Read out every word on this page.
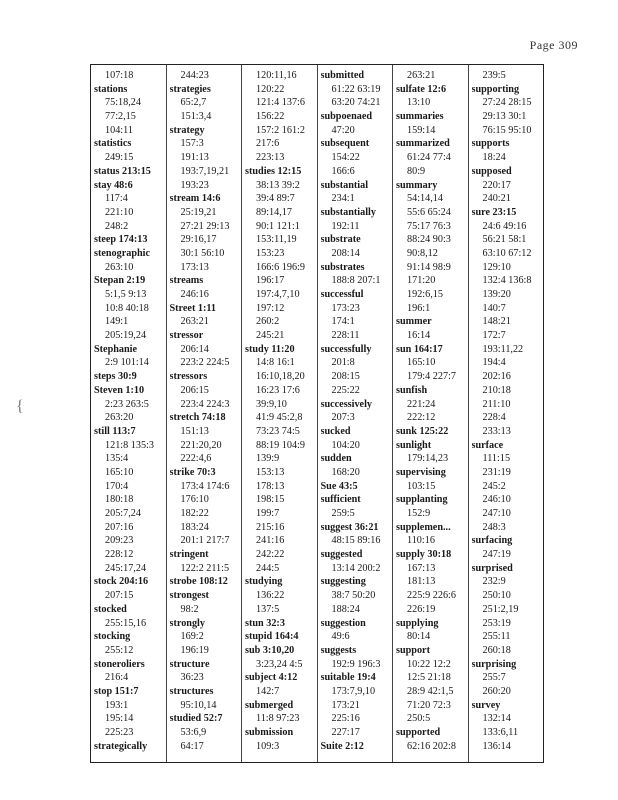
Page 309
{
107:18
stations
75:18,24
77:2,15
104:11
statistics
249:15
status 213:15
stay 48:6
117:4
221:10
248:2
steep 174:13
stenographic
263:10
Stepan 2:19
5:1,5 9:13
10:8 40:18
149:1
205:19,24
Stephanie
2:9 101:14
steps 30:9
Steven 1:10
2:23 263:5
263:20
still 113:7
121:8 135:3
135:4
165:10
170:4
180:18
205:7,24
207:16
209:23
228:12
245:17,24
stock 204:16
207:15
stocked
255:15,16
stocking
255:12
stoneroliers
216:4
stop 151:7
193:1
195:14
225:23
strategically
244:23
strategies
65:2,7
151:3,4
strategy
157:3
191:13
193:7,19,21
193:23
stream 14:6
25:19,21
27:21 29:13
29:16,17
30:1 56:10
173:13
streams
246:16
Street 1:11
263:21
stressor
206:14
223:2 224:5
stressors
206:15
223:4 224:3
stretch 74:18
151:13
221:20,20
222:4,6
strike 70:3
173:4 174:6
176:10
182:22
183:24
201:1 217:7
stringent
122:2 211:5
strobe 108:12
strongest
98:2
strongly
169:2
196:19
structure
36:23
structures
95:10,14
studied 52:7
53:6,9
64:17
120:11,16
120:22
121:4 137:6
156:22
157:2 161:2
217:6
223:13
studies 12:15
38:13 39:2
39:4 89:7
89:14,17
90:1 121:1
153:11,19
153:23
166:6 196:9
196:17
197:4,7,10
197:12
260:2
245:21
study 11:20
14:8 16:1
16:10,18,20
16:23 17:6
39:9,10
41:9 45:2,8
73:23 74:5
88:19 104:9
139:9
153:13
178:13
198:15
199:7
215:16
241:16
242:22
244:5
studying
136:22
137:5
stun 32:3
stupid 164:4
sub 3:10,20
3:23,24 4:5
subject 4:12
142:7
submerged
11:8 97:23
submission
109:3
submitted
61:22 63:19
63:20 74:21
subpoenaed
47:20
subsequent
154:22
166:6
substantial
234:1
substantially
192:11
substrate
208:14
substrates
188:8 207:1
successful
173:23
174:1
228:11
successfully
201:8
208:15
225:22
successively
207:3
sucked
104:20
sudden
168:20
Sue 43:5
sufficient
259:5
suggest 36:21
48:15 89:16
suggested
13:14 200:2
suggesting
38:7 50:20
188:24
suggestion
49:6
suggests
192:9 196:3
suitable 19:4
173:7,9,10
173:21
225:16
227:17
Suite 2:12
263:21
sulfate 12:6
13:10
summaries
159:14
summarized
61:24 77:4
80:9
summary
54:14,14
55:6 65:24
75:17 76:3
88:24 90:3
90:8,12
91:14 98:9
171:20
192:6,15
196:1
summer
16:14
sun 164:17
165:10
179:4 227:7
sunfish
221:24
222:12
sunk 125:22
sunlight
179:14,23
supervising
103:15
supplanting
152:9
supplemen...
110:16
supply 30:18
167:13
181:13
225:9 226:6
226:19
supplying
80:14
support
10:22 12:2
12:5 21:18
28:9 42:1,5
71:20 72:3
250:5
supported
62:16 202:8
239:5
supporting
27:24 28:15
29:13 30:1
76:15 95:10
supports
18:24
supposed
220:17
240:21
sure 23:15
24:6 49:16
56:21 58:1
63:10 67:12
129:10
132:4 136:8
139:20
140:7
148:21
172:7
193:11,22
194:4
202:16
210:18
211:10
228:4
233:13
surface
111:15
231:19
245:2
246:10
247:10
248:3
surfacing
247:19
surprised
232:9
250:10
251:2,19
253:19
255:11
260:18
surprising
255:7
260:20
survey
132:14
133:6,11
136:14
